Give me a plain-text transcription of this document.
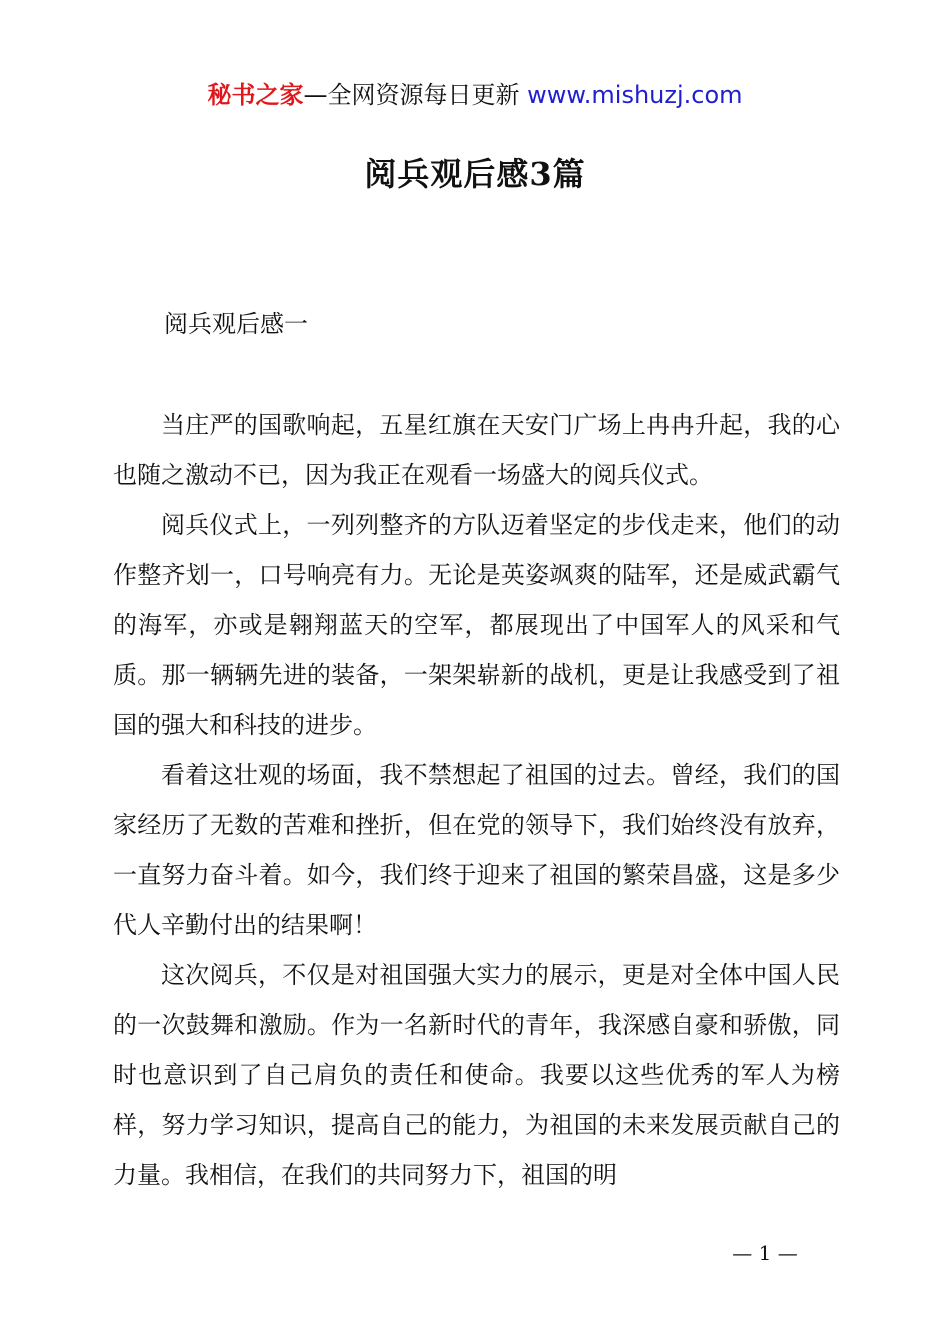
秘书之家—全网资源每日更新 www.mishuzj.com
阅兵观后感3篇
阅兵观后感一

当庄严的国歌响起，五星红旗在天安门广场上冉冉升起，我的心也随之激动不已，因为我正在观看一场盛大的阅兵仪式。

阅兵仪式上，一列列整齐的方队迈着坚定的步伐走来，他们的动作整齐划一，口号响亮有力。无论是英姿飒爽的陆军，还是威武霸气的海军，亦或是翱翔蓝天的空军，都展现出了中国军人的风采和气质。那一辆辆先进的装备，一架架崭新的战机，更是让我感受到了祖国的强大和科技的进步。

看着这壮观的场面，我不禁想起了祖国的过去。曾经，我们的国家经历了无数的苦难和挫折，但在党的领导下，我们始终没有放弃，一直努力奋斗着。如今，我们终于迎来了祖国的繁荣昌盛，这是多少代人辛勤付出的结果啊！

这次阅兵，不仅是对祖国强大实力的展示，更是对全体中国人民的一次鼓舞和激励。作为一名新时代的青年，我深感自豪和骄傲，同时也意识到了自己肩负的责任和使命。我要以这些优秀的军人为榜样，努力学习知识，提高自己的能力，为祖国的未来发展贡献自己的力量。我相信，在我们的共同努力下，祖国的明

— 1 —
